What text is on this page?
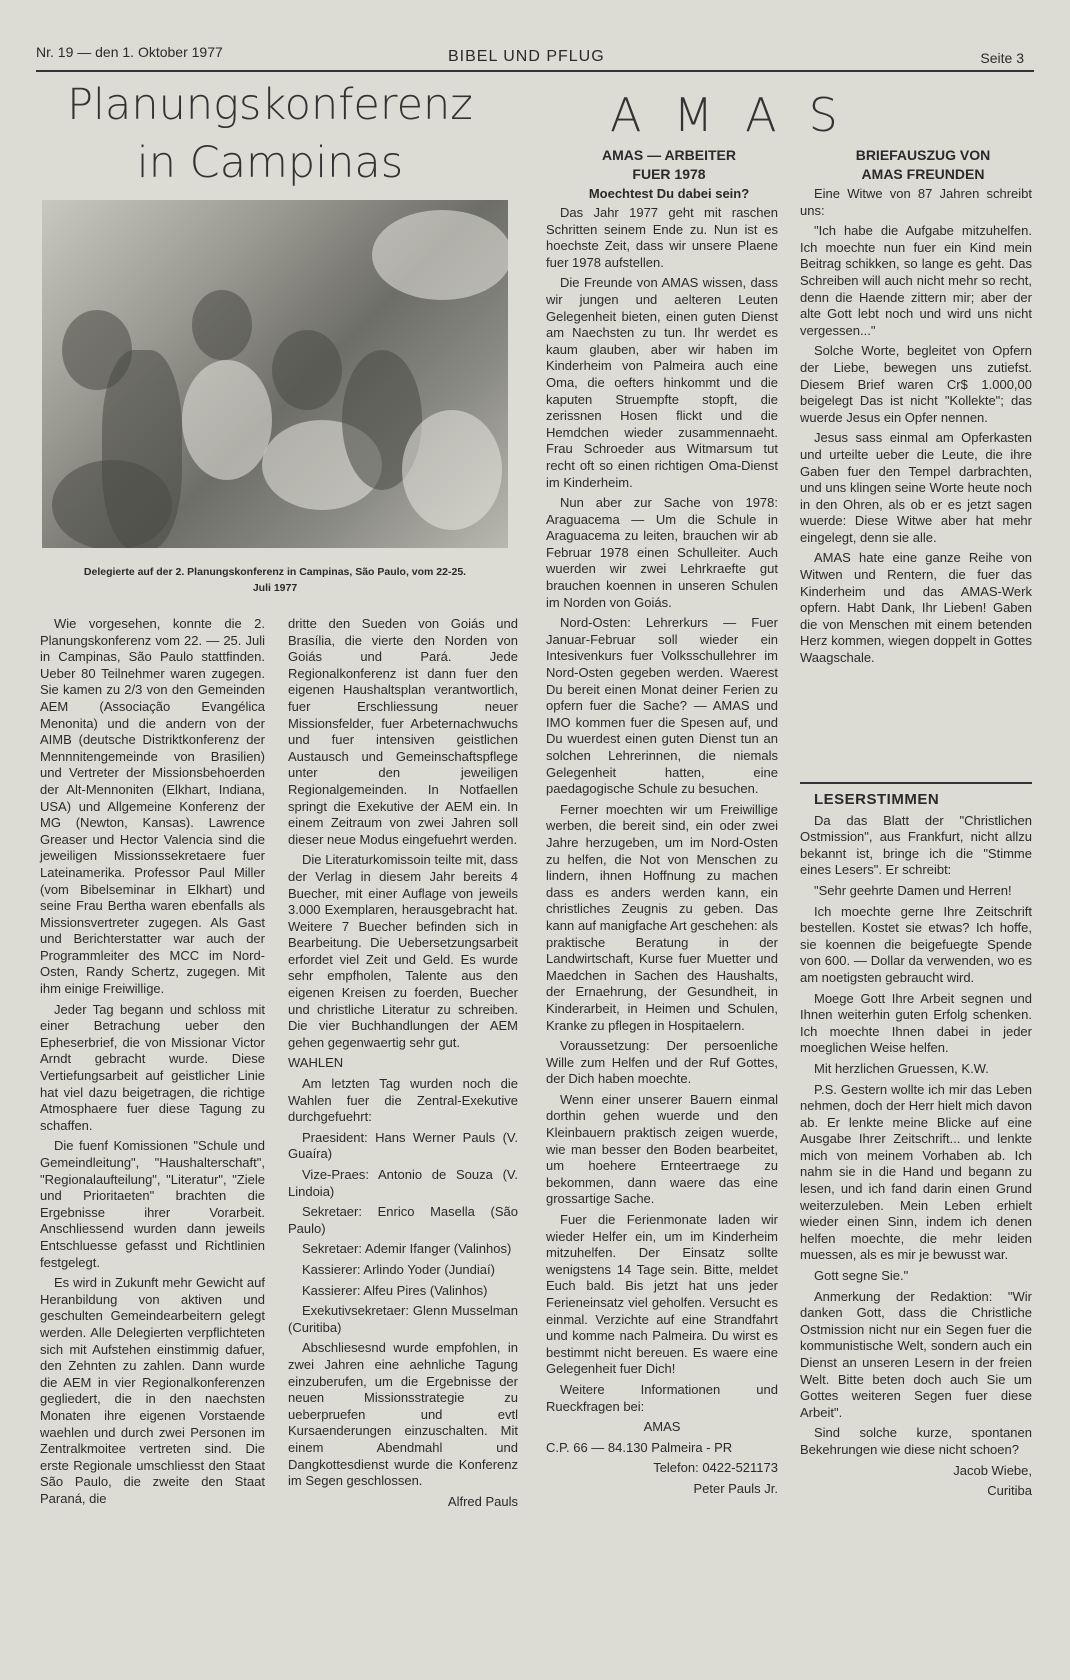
Nr. 19 — den 1. Oktober 1977	BIBEL UND PFLUG	Seite 3
Planungskonferenz
in Campinas
Delegierte auf der 2. Planungskonferenz in Campinas, São Paulo, vom 22-25.
Juli 1977

Wie vorgesehen, konnte die 2. Planungskonferenz vom 22. — 25. Juli in Campinas, São Paulo stattfinden. Ueber 80 Teilnehmer waren zugegen. Sie kamen zu 2/3 von den Gemeinden AEM (Associação Evangélica Menonita) und die andern von der AIMB (deutsche Distriktkonferenz der Mennnitengemeinde von Brasilien) und Vertreter der Missionsbehoerden der Alt-Mennoniten (Elkhart, Indiana, USA) und Allgemeine Konferenz der MG (Newton, Kansas). Lawrence Greaser und Hector Valencia sind die jeweiligen Missionssekretaere fuer Lateinamerika. Professor Paul Miller (vom Bibelseminar in Elkhart) und seine Frau Bertha waren ebenfalls als Missionsvertreter zugegen. Als Gast und Berichterstatter war auch der Programmleiter des MCC im Nord-Osten, Randy Schertz, zugegen. Mit ihm einige Freiwillige.

Jeder Tag begann und schloss mit einer Betrachung ueber den Epheserbrief, die von Missionar Victor Arndt gebracht wurde. Diese Vertiefungsarbeit auf geistlicher Linie hat viel dazu beigetragen, die richtige Atmosphaere fuer diese Tagung zu schaffen.

Die fuenf Komissionen "Schule und Gemeindleitung", "Haushalterschaft", "Regionalaufteilung", "Literatur", "Ziele und Prioritaeten" brachten die Ergebnisse ihrer Vorarbeit. Anschliessend wurden dann jeweils Entschluesse gefasst und Richtlinien festgelegt.

Es wird in Zukunft mehr Gewicht auf Heranbildung von aktiven und geschulten Gemeindearbeitern gelegt werden. Alle Delegierten verpflichteten sich mit Aufstehen einstimmig dafuer, den Zehnten zu zahlen. Dann wurde die AEM in vier Regionalkonferenzen gegliedert, die in den naechsten Monaten ihre eigenen Vorstaende waehlen und durch zwei Personen im Zentralkmoitee vertreten sind. Die erste Regionale umschliesst den Staat São Paulo, die zweite den Staat Paraná, die

dritte den Sueden von Goiás und Brasília, die vierte den Norden von Goiás und Pará. Jede Regionalkonferenz ist dann fuer den eigenen Haushaltsplan verantwortlich, fuer Erschliessung neuer Missionsfelder, fuer Arbeternachwuchs und fuer intensiven geistlichen Austausch und Gemeinschaftspflege unter den jeweiligen Regionalgemeinden. In Notfaellen springt die Exekutive der AEM ein. In einem Zeitraum von zwei Jahren soll dieser neue Modus eingefuehrt werden.

Die Literaturkomissoin teilte mit, dass der Verlag in diesem Jahr bereits 4 Buecher, mit einer Auflage von jeweils 3.000 Exemplaren, herausgebracht hat. Weitere 7 Buecher befinden sich in Bearbeitung. Die Uebersetzungsarbeit erfordet viel Zeit und Geld. Es wurde sehr empfholen, Talente aus den eigenen Kreisen zu foerden, Buecher und christliche Literatur zu schreiben. Die vier Buchhandlungen der AEM gehen gegenwaertig sehr gut.

WAHLEN

Am letzten Tag wurden noch die Wahlen fuer die Zentral-Exekutive durchgefuehrt:

Praesident: Hans Werner Pauls (V. Guaíra)

Vize-Praes: Antonio de Souza (V. Lindoia)

Sekretaer: Enrico Masella (São Paulo)

Sekretaer: Ademir Ifanger (Valinhos)

Kassierer: Arlindo Yoder (Jundiaí)

Kassierer: Alfeu Pires (Valinhos)

Exekutivsekretaer: Glenn Musselman (Curitiba)

Abschliesesnd wurde empfohlen, in zwei Jahren eine aehnliche Tagung einzuberufen, um die Ergebnisse der neuen Missionsstrategie zu ueberpruefen und evtl Kursaenderungen einzuschalten. Mit einem Abendmahl und Dangkottesdienst wurde die Konferenz im Segen geschlossen.

Alfred Pauls

AMAS

AMAS — ARBEITER

FUER 1978

Moechtest Du dabei sein?

Das Jahr 1977 geht mit raschen Schritten seinem Ende zu. Nun ist es hoechste Zeit, dass wir unsere Plaene fuer 1978 aufstellen.

Die Freunde von AMAS wissen, dass wir jungen und aelteren Leuten Gelegenheit bieten, einen guten Dienst am Naechsten zu tun. Ihr werdet es kaum glauben, aber wir haben im Kinderheim von Palmeira auch eine Oma, die oefters hinkommt und die kaputen Struempfte stopft, die zerissnen Hosen flickt und die Hemdchen wieder zusammennaeht. Frau Schroeder aus Witmarsum tut recht oft so einen richtigen Oma-Dienst im Kinderheim.

Nun aber zur Sache von 1978: Araguacema — Um die Schule in Araguacema zu leiten, brauchen wir ab Februar 1978 einen Schulleiter. Auch wuerden wir zwei Lehrkraefte gut brauchen koennen in unseren Schulen im Norden von Goiás.

Nord-Osten: Lehrerkurs — Fuer Januar-Februar soll wieder ein Intesivenkurs fuer Volksschullehrer im Nord-Osten gegeben werden. Waerest Du bereit einen Monat deiner Ferien zu opfern fuer die Sache? — AMAS und IMO kommen fuer die Spesen auf, und Du wuerdest einen guten Dienst tun an solchen Lehrerinnen, die niemals Gelegenheit hatten, eine paedagogische Schule zu besuchen.

Ferner moechten wir um Freiwillige werben, die bereit sind, ein oder zwei Jahre herzugeben, um im Nord-Osten zu helfen, die Not von Menschen zu lindern, ihnen Hoffnung zu machen dass es anders werden kann, ein christliches Zeugnis zu geben. Das kann auf manigfache Art geschehen: als praktische Beratung in der Landwirtschaft, Kurse fuer Muetter und Maedchen in Sachen des Haushalts, der Ernaehrung, der Gesundheit, in Kinderarbeit, in Heimen und Schulen, Kranke zu pflegen in Hospitaelern.

Voraussetzung: Der persoenliche Wille zum Helfen und der Ruf Gottes, der Dich haben moechte.

Wenn einer unserer Bauern einmal dorthin gehen wuerde und den Kleinbauern praktisch zeigen wuerde, wie man besser den Boden bearbeitet, um hoehere Ernteertraege zu bekommen, dann waere das eine grossartige Sache.

Fuer die Ferienmonate laden wir wieder Helfer ein, um im Kinderheim mitzuhelfen. Der Einsatz sollte wenigstens 14 Tage sein. Bitte, meldet Euch bald. Bis jetzt hat uns jeder Ferieneinsatz viel geholfen. Versucht es einmal. Verzichte auf eine Strandfahrt und komme nach Palmeira. Du wirst es bestimmt nicht bereuen. Es waere eine Gelegenheit fuer Dich!

Weitere Informationen und Rueckfragen bei:

AMAS

C.P. 66 — 84.130 Palmeira - PR

Telefon: 0422-521173

Peter Pauls Jr.

BRIEFAUSZUG VON

AMAS FREUNDEN

Eine Witwe von 87 Jahren schreibt uns:

"Ich habe die Aufgabe mitzuhelfen. Ich moechte nun fuer ein Kind mein Beitrag schikken, so lange es geht. Das Schreiben will auch nicht mehr so recht, denn die Haende zittern mir; aber der alte Gott lebt noch und wird uns nicht vergessen..."

Solche Worte, begleitet von Opfern der Liebe, bewegen uns zutiefst. Diesem Brief waren Cr$ 1.000,00 beigelegt Das ist nicht "Kollekte"; das wuerde Jesus ein Opfer nennen.

Jesus sass einmal am Opferkasten und urteilte ueber die Leute, die ihre Gaben fuer den Tempel darbrachten, und uns klingen seine Worte heute noch in den Ohren, als ob er es jetzt sagen wuerde: Diese Witwe aber hat mehr eingelegt, denn sie alle.

AMAS hate eine ganze Reihe von Witwen und Rentern, die fuer das Kinderheim und das AMAS-Werk opfern. Habt Dank, Ihr Lieben! Gaben die von Menschen mit einem betenden Herz kommen, wiegen doppelt in Gottes Waagschale.

LESERSTIMMEN

Da das Blatt der "Christlichen Ostmission", aus Frankfurt, nicht allzu bekannt ist, bringe ich die "Stimme eines Lesers". Er schreibt:

"Sehr geehrte Damen und Herren!

Ich moechte gerne Ihre Zeitschrift bestellen. Kostet sie etwas? Ich hoffe, sie koennen die beigefuegte Spende von 600. — Dollar da verwenden, wo es am noetigsten gebraucht wird.

Moege Gott Ihre Arbeit segnen und Ihnen weiterhin guten Erfolg schenken. Ich moechte Ihnen dabei in jeder moeglichen Weise helfen.

Mit herzlichen Gruessen, K.W.

P.S. Gestern wollte ich mir das Leben nehmen, doch der Herr hielt mich davon ab. Er lenkte meine Blicke auf eine Ausgabe Ihrer Zeitschrift... und lenkte mich von meinem Vorhaben ab. Ich nahm sie in die Hand und begann zu lesen, und ich fand darin einen Grund weiterzuleben. Mein Leben erhielt wieder einen Sinn, indem ich denen helfen moechte, die mehr leiden muessen, als es mir je bewusst war.

Gott segne Sie."

Anmerkung der Redaktion: "Wir danken Gott, dass die Christliche Ostmission nicht nur ein Segen fuer die kommunistische Welt, sondern auch ein Dienst an unseren Lesern in der freien Welt. Bitte beten doch auch Sie um Gottes weiteren Segen fuer diese Arbeit".

Sind solche kurze, spontanen Bekehrungen wie diese nicht schoen?

Jacob Wiebe,

Curitiba
